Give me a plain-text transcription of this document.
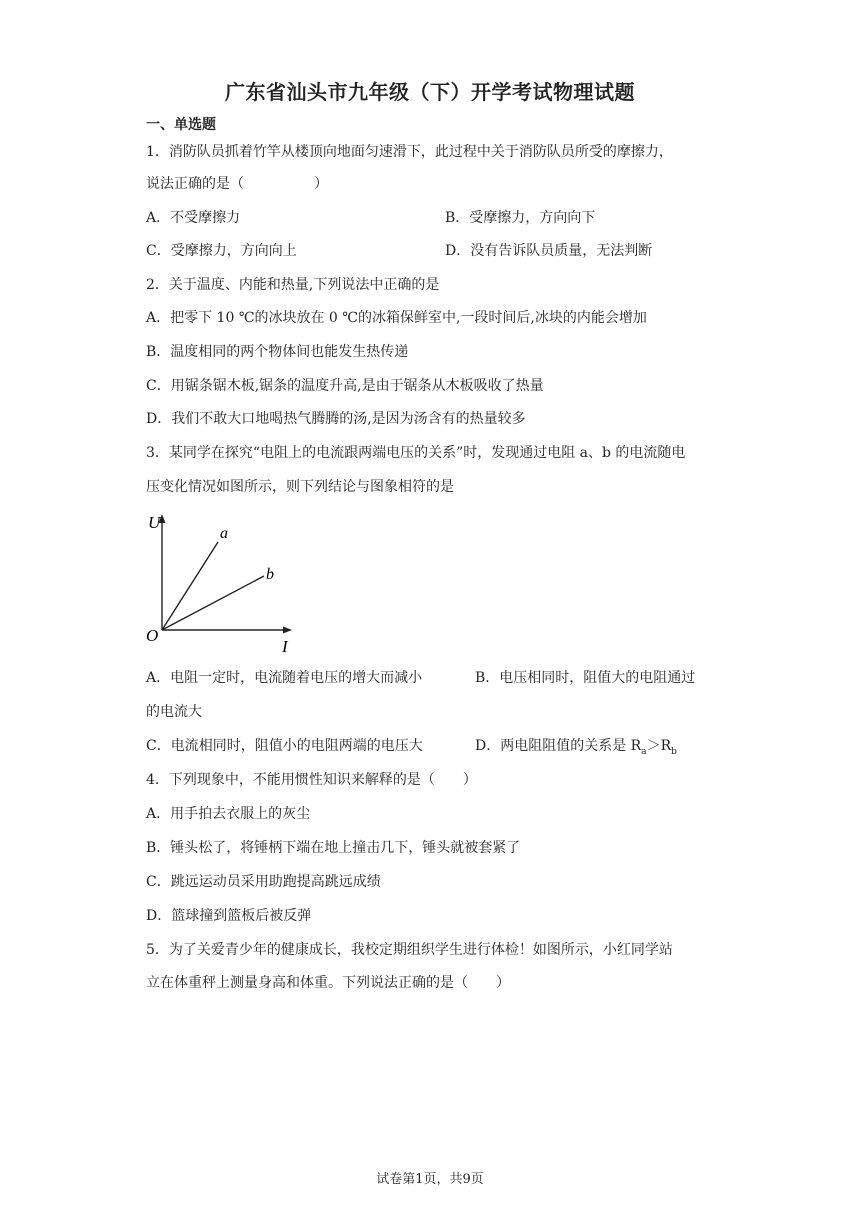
广东省汕头市九年级（下）开学考试物理试题
一、单选题
1．消防队员抓着竹竿从楼顶向地面匀速滑下，此过程中关于消防队员所受的摩擦力，
说法正确的是（　　　　　）
A．不受摩擦力	B．受摩擦力，方向向下
C．受摩擦力，方向向上	D．没有告诉队员质量，无法判断
2．关于温度、内能和热量,下列说法中正确的是
A．把零下 10 ℃的冰块放在 0 ℃的冰箱保鲜室中,一段时间后,冰块的内能会增加
B．温度相同的两个物体间也能发生热传递
C．用锯条锯木板,锯条的温度升高,是由于锯条从木板吸收了热量
D．我们不敢大口地喝热气腾腾的汤,是因为汤含有的热量较多
3．某同学在探究“电阻上的电流跟两端电压的关系”时，发现通过电阻 a、b 的电流随电
压变化情况如图所示，则下列结论与图象相符的是
U
I
O
a
b
A．电阻一定时，电流随着电压的增大而减小	B．电压相同时，阻值大的电阻通过
的电流大
C．电流相同时，阻值小的电阻两端的电压大	D．两电阻阻值的关系是 $R_a>R_b$
4．下列现象中，不能用惯性知识来解释的是（　　）
A．用手拍去衣服上的灰尘
B．锤头松了，将锤柄下端在地上撞击几下，锤头就被套紧了
C．跳远运动员采用助跑提高跳远成绩
D．篮球撞到篮板后被反弹
5．为了关爱青少年的健康成长，我校定期组织学生进行体检！如图所示，小红同学站
立在体重秤上测量身高和体重。下列说法正确的是（　　）
试卷第1页，共9页
